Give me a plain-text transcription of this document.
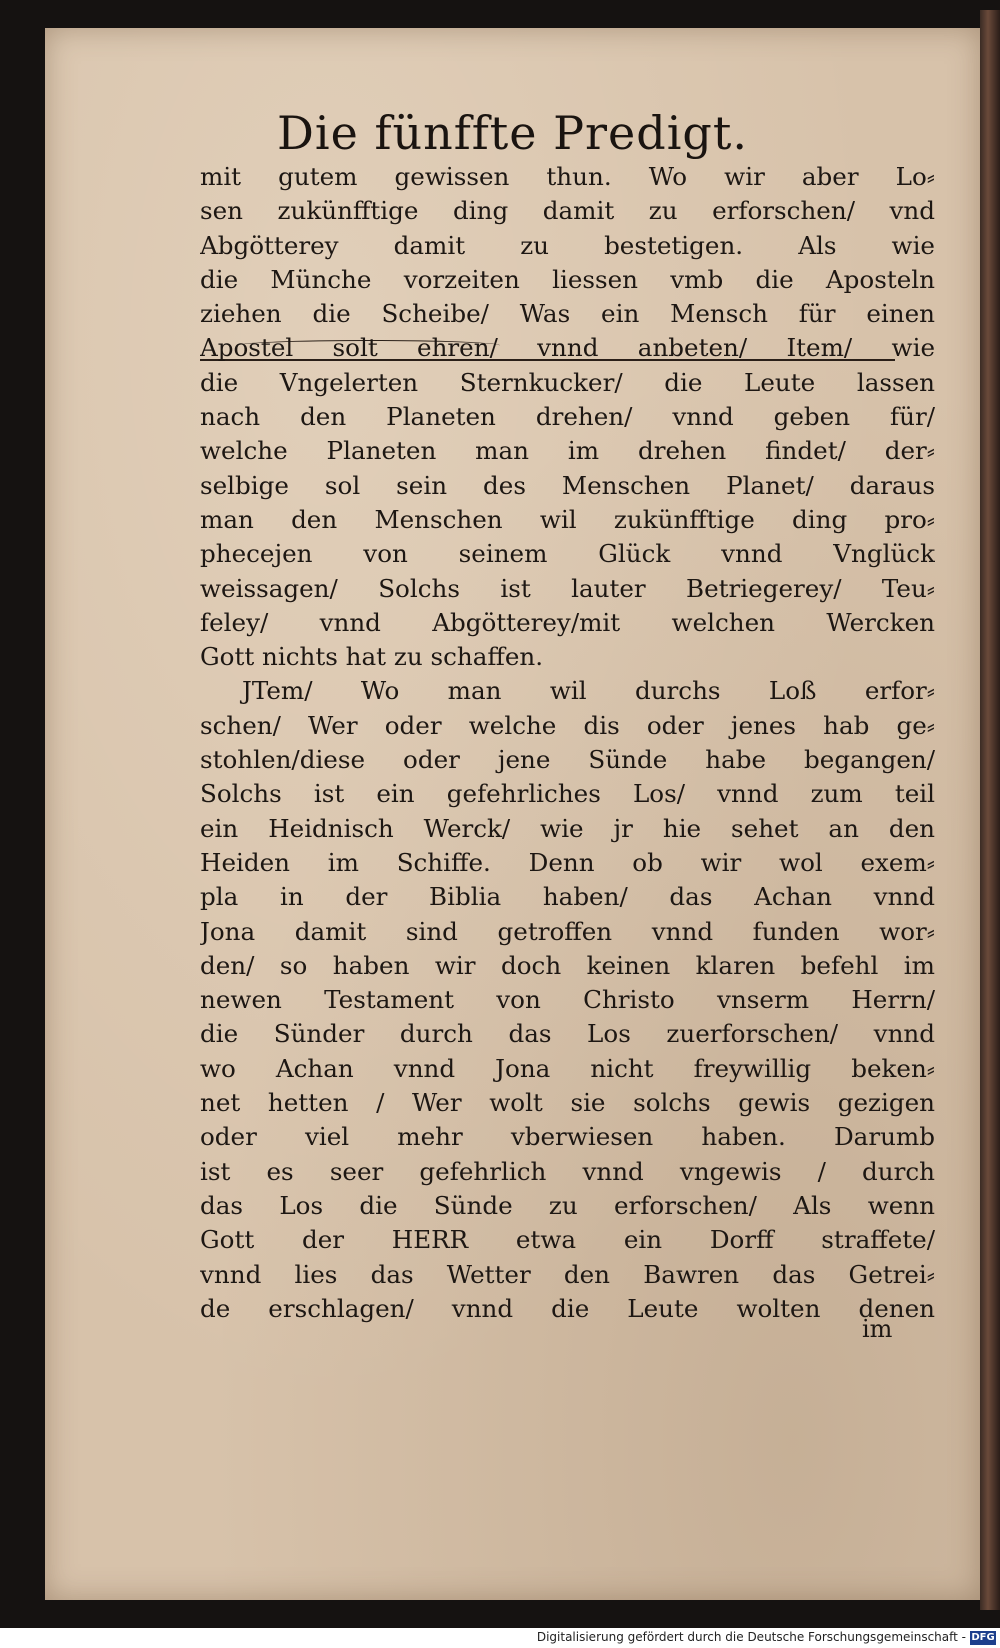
Die fünffte Predigt.
mit gutem gewissen thun. Wo wir aber Lo⸗
sen zukünfftige ding damit zu erforschen/ vnd
Abgötterey damit zu bestetigen. Als wie
die Münche vorzeiten liessen vmb die Aposteln
ziehen die Scheibe/ Was ein Mensch für einen
Apostel solt ehren/ vnnd anbeten/ Item/ wie
die Vngelerten Sternkucker/ die Leute lassen
nach den Planeten drehen/ vnnd geben für/
welche Planeten man im drehen findet/ der⸗
selbige sol sein des Menschen Planet/ daraus
man den Menschen wil zukünfftige ding pro⸗
phecejen von seinem Glück vnnd Vnglück
weissagen/ Solchs ist lauter Betriegerey/ Teu⸗
feley/ vnnd Abgötterey/mit welchen Wercken
Gott nichts hat zu schaffen.
JTem/ Wo man wil durchs Loß erfor⸗
schen/ Wer oder welche dis oder jenes hab ge⸗
stohlen/diese oder jene Sünde habe begangen/
Solchs ist ein gefehrliches Los/ vnnd zum teil
ein Heidnisch Werck/ wie jr hie sehet an den
Heiden im Schiffe. Denn ob wir wol exem⸗
pla in der Biblia haben/ das Achan vnnd
Jona damit sind getroffen vnnd funden wor⸗
den/ so haben wir doch keinen klaren befehl im
newen Testament von Christo vnserm Herrn/
die Sünder durch das Los zuerforschen/ vnnd
wo Achan vnnd Jona nicht freywillig beken⸗
net hetten / Wer wolt sie solchs gewis gezigen
oder viel mehr vberwiesen haben. Darumb
ist es seer gefehrlich vnnd vngewis / durch
das Los die Sünde zu erforschen/ Als wenn
Gott der HERR etwa ein Dorff straffete/
vnnd lies das Wetter den Bawren das Getrei⸗
de erschlagen/ vnnd die Leute wolten denen
im
Digitalisierung gefördert durch die Deutsche Forschungsgemeinschaft - DFG
